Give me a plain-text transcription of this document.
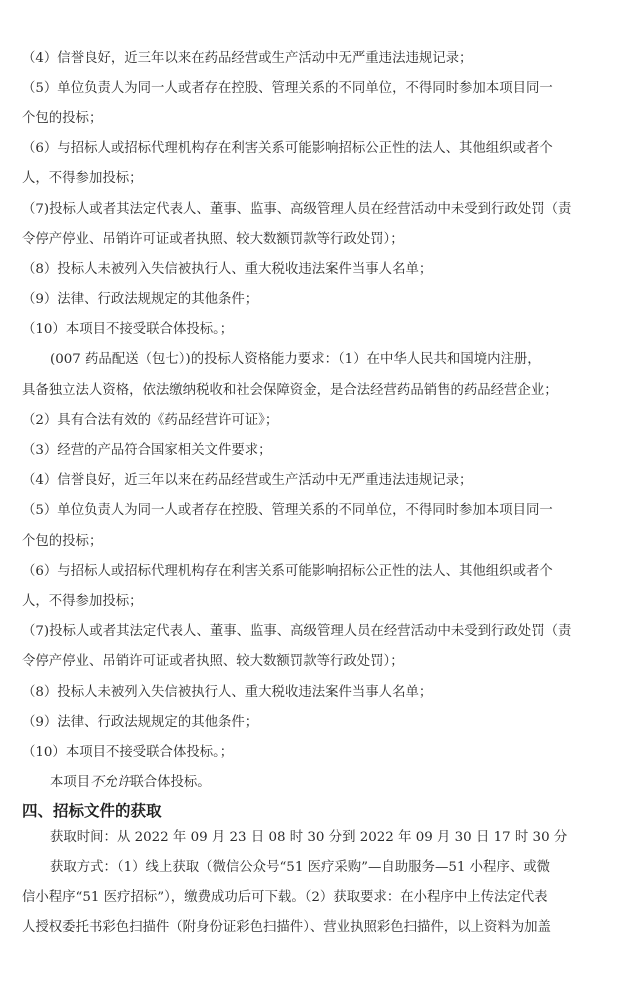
（4）信誉良好，近三年以来在药品经营或生产活动中无严重违法违规记录；
（5）单位负责人为同一人或者存在控股、管理关系的不同单位，不得同时参加本项目同一
个包的投标；
（6）与招标人或招标代理机构存在利害关系可能影响招标公正性的法人、其他组织或者个
人，不得参加投标；
（7)投标人或者其法定代表人、董事、监事、高级管理人员在经营活动中未受到行政处罚（责
令停产停业、吊销许可证或者执照、较大数额罚款等行政处罚）；
（8）投标人未被列入失信被执行人、重大税收违法案件当事人名单；
（9）法律、行政法规规定的其他条件；
（10）本项目不接受联合体投标。；
(007 药品配送（包七）)的投标人资格能力要求：（1）在中华人民共和国境内注册，
具备独立法人资格，依法缴纳税收和社会保障资金，是合法经营药品销售的药品经营企业；
（2）具有合法有效的《药品经营许可证》；
（3）经营的产品符合国家相关文件要求；
（4）信誉良好，近三年以来在药品经营或生产活动中无严重违法违规记录；
（5）单位负责人为同一人或者存在控股、管理关系的不同单位，不得同时参加本项目同一
个包的投标；
（6）与招标人或招标代理机构存在利害关系可能影响招标公正性的法人、其他组织或者个
人，不得参加投标；
（7)投标人或者其法定代表人、董事、监事、高级管理人员在经营活动中未受到行政处罚（责
令停产停业、吊销许可证或者执照、较大数额罚款等行政处罚）；
（8）投标人未被列入失信被执行人、重大税收违法案件当事人名单；
（9）法律、行政法规规定的其他条件；
（10）本项目不接受联合体投标。；
本项目不允许联合体投标。
四、招标文件的获取
获取时间：从 2022 年 09 月 23 日 08 时 30 分到 2022 年 09 月 30 日 17 时 30 分
获取方式：（1）线上获取（微信公众号“51 医疗采购”—自助服务—51 小程序、或微
信小程序“51 医疗招标”），缴费成功后可下载。（2）获取要求：在小程序中上传法定代表
人授权委托书彩色扫描件（附身份证彩色扫描件）、营业执照彩色扫描件，以上资料为加盖
